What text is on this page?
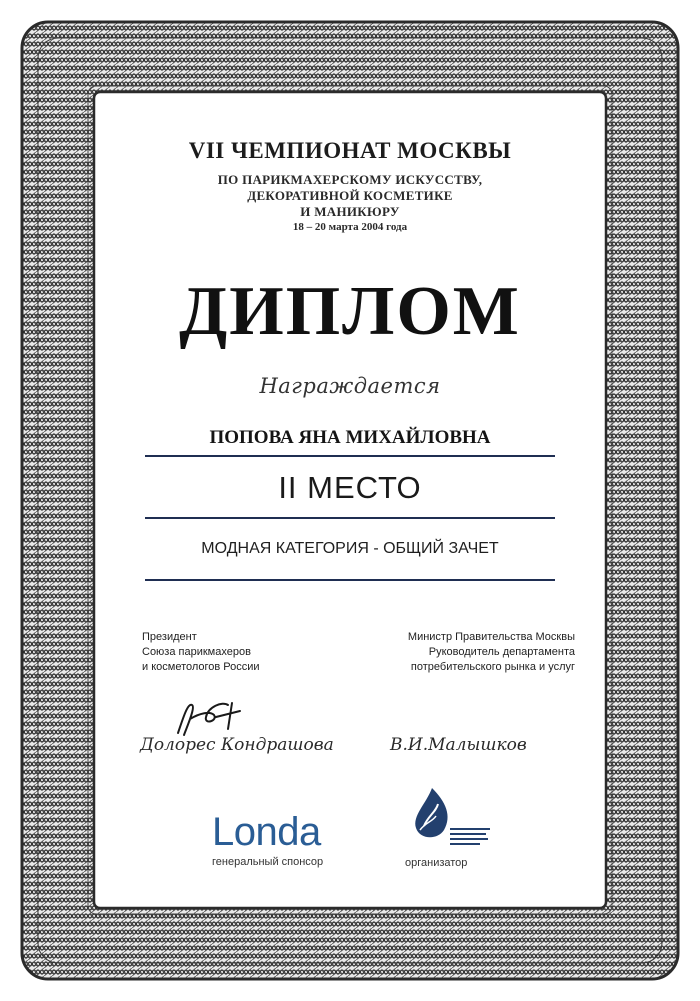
VII ЧЕМПИОНАТ МОСКВЫ
ПО ПАРИКМАХЕРСКОМУ ИСКУССТВУ,
ДЕКОРАТИВНОЙ КОСМЕТИКЕ
И МАНИКЮРУ
18 – 20 марта 2004 года
ДИПЛОМ
Награждается
ПОПОВА ЯНА МИХАЙЛОВНА
II МЕСТО
МОДНАЯ КАТЕГОРИЯ - ОБЩИЙ ЗАЧЕТ
Президент
Союза парикмахеров
и косметологов России
Министр Правительства Москвы
Руководитель департамента
потребительского рынка и услуг
Долорес Кондрашова	В.И.Малышков
Londa
генеральный спонсор	организатор
